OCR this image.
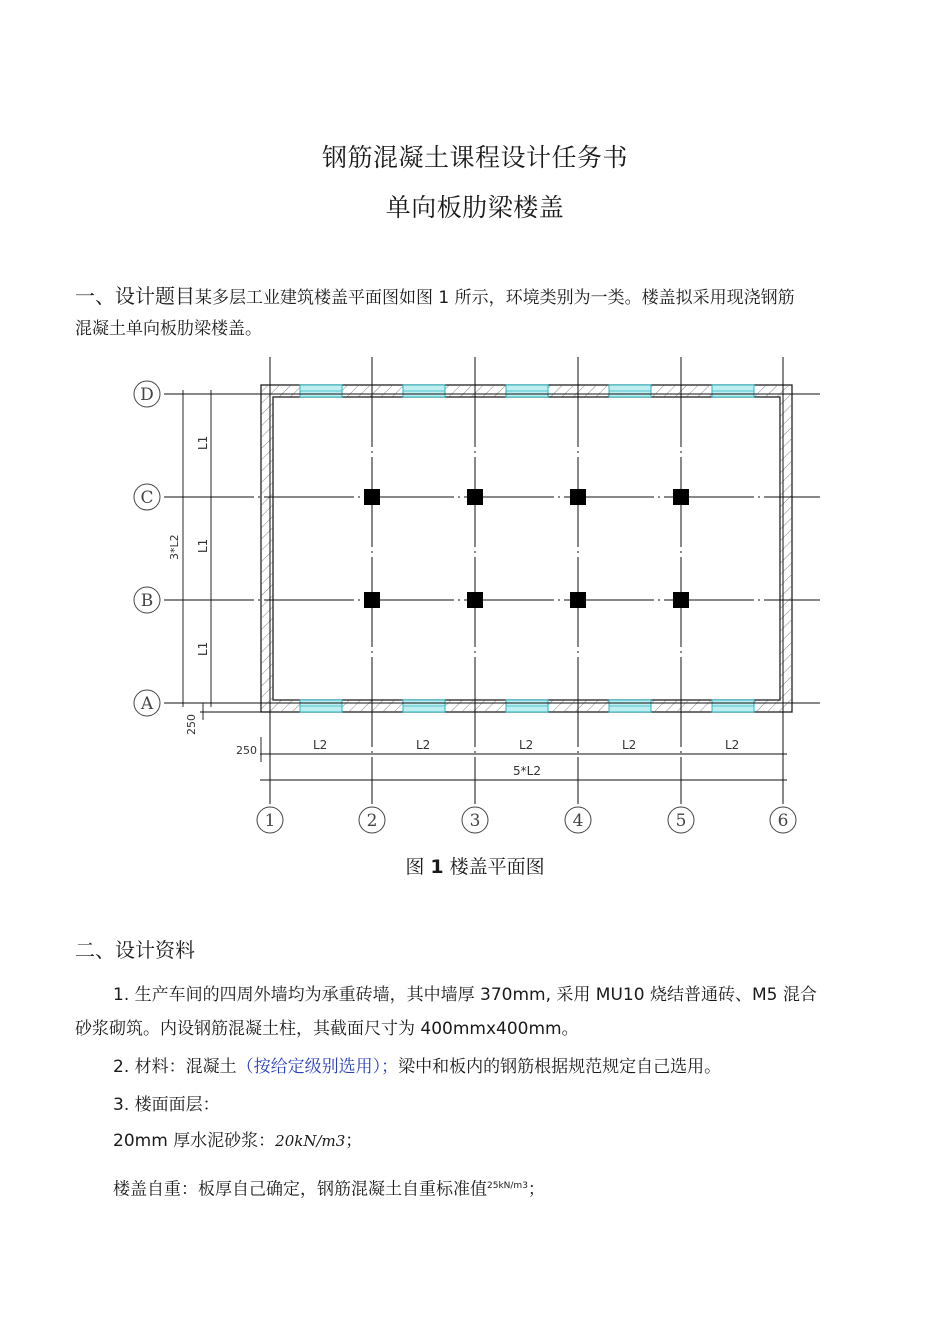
钢筋混凝土课程设计任务书
单向板肋梁楼盖
一、设计题目某多层工业建筑楼盖平面图如图 1 所示，环境类别为一类。楼盖拟采用现浇钢筋
混凝土单向板肋梁楼盖。
L1
L1
L1
3*L2
250
250	L2	L2	L2	L2	L2
5*L2
D
C
B
A
1	2	3	4	5	6
图 1 楼盖平面图
二、设计资料
1. 生产车间的四周外墙均为承重砖墙，其中墙厚 370mm, 采用 MU10 烧结普通砖、M5 混合
砂浆砌筑。内设钢筋混凝土柱，其截面尺寸为 400mmx400mm。
2. 材料：混凝土（按给定级别选用）；梁中和板内的钢筋根据规范规定自己选用。
3. 楼面面层：
20mm 厚水泥砂浆：20kN/m3；
楼盖自重：板厚自己确定，钢筋混凝土自重标准值$^{25kN/m3}$；
